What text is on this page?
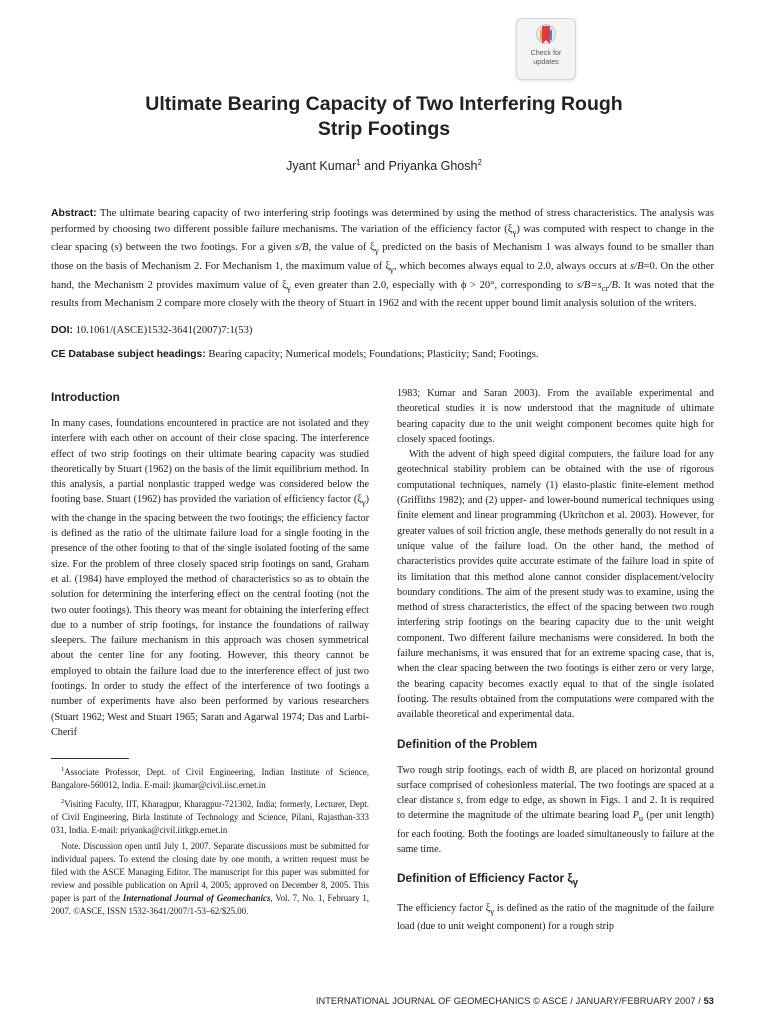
Check for
updates
Ultimate Bearing Capacity of Two Interfering Rough
Strip Footings
Jyant Kumar$^1$ and Priyanka Ghosh$^2$
Abstract: The ultimate bearing capacity of two interfering strip footings was determined by using the method of stress characteristics. The analysis was performed by choosing two different possible failure mechanisms. The variation of the efficiency factor $(\xi_\gamma)$ was computed with respect to change in the clear spacing (s) between the two footings. For a given s/B, the value of $\xi_\gamma$ predicted on the basis of Mechanism 1 was always found to be smaller than those on the basis of Mechanism 2. For Mechanism 1, the maximum value of $\xi_\gamma$, which becomes always equal to 2.0, always occurs at s/B=0. On the other hand, the Mechanism 2 provides maximum value of $\xi_\gamma$ even greater than 2.0, especially with ϕ > 20°, corresponding to $s/B=s_{cr}/B$. It was noted that the results from Mechanism 2 compare more closely with the theory of Stuart in 1962 and with the recent upper bound limit analysis solution of the writers.
DOI: 10.1061/(ASCE)1532-3641(2007)7:1(53)
CE Database subject headings: Bearing capacity; Numerical models; Foundations; Plasticity; Sand; Footings.
Introduction

In many cases, foundations encountered in practice are not isolated and they interfere with each other on account of their close spacing. The interference effect of two strip footings on their ultimate bearing capacity was studied theoretically by Stuart (1962) on the basis of the limit equilibrium method. In this analysis, a partial nonplastic trapped wedge was considered below the footing base. Stuart (1962) has provided the variation of efficiency factor $(\xi_\gamma)$ with the change in the spacing between the two footings; the efficiency factor is defined as the ratio of the ultimate failure load for a single footing in the presence of the other footing to that of the single isolated footing of the same size. For the problem of three closely spaced strip footings on sand, Graham et al. (1984) have employed the method of characteristics so as to obtain the solution for determining the interfering effect on the central footing (not the two outer footings). This theory was meant for obtaining the interfering effect due to a number of strip footings, for instance the foundations of railway sleepers. The failure mechanism in this approach was chosen symmetrical about the center line for any footing. However, this theory cannot be employed to obtain the failure load due to the interference effect of just two footings. In order to study the effect of the interference of two footings a number of experiments have also been performed by various researchers (Stuart 1962; West and Stuart 1965; Saran and Agarwal 1974; Das and Larbi-Cherif

$^1$Associate Professor, Dept. of Civil Engineering, Indian Institute of Science, Bangalore-560012, India. E-mail: jkumar@civil.iisc.ernet.in

$^2$Visiting Faculty, IIT, Kharagpur, Kharagpur-721302, India; formerly, Lecturer, Dept. of Civil Engineering, Birla Institute of Technology and Science, Pilani, Rajasthan-333 031, India. E-mail: priyanka@civil.iitkgp.ernet.in

Note. Discussion open until July 1, 2007. Separate discussions must be submitted for individual papers. To extend the closing date by one month, a written request must be filed with the ASCE Managing Editor. The manuscript for this paper was submitted for review and possible publication on April 4, 2005; approved on December 8, 2005. This paper is part of the International Journal of Geomechanics, Vol. 7, No. 1, February 1, 2007. ©ASCE, ISSN 1532-3641/2007/1-53–62/$25.00.

1983; Kumar and Saran 2003). From the available experimental and theoretical studies it is now understood that the magnitude of ultimate bearing capacity due to the unit weight component becomes quite high for closely spaced footings.

With the advent of high speed digital computers, the failure load for any geotechnical stability problem can be obtained with the use of rigorous computational techniques, namely (1) elasto-plastic finite-element method (Griffiths 1982); and (2) upper- and lower-bound numerical techniques using finite element and linear programming (Ukritchon et al. 2003). However, for greater values of soil friction angle, these methods generally do not result in a unique value of the failure load. On the other hand, the method of characteristics provides quite accurate estimate of the failure load in spite of its limitation that this method alone cannot consider displacement/velocity boundary conditions. The aim of the present study was to examine, using the method of stress characteristics, the effect of the spacing between two rough interfering strip footings on the bearing capacity due to the unit weight component. Two different failure mechanisms were considered. In both the failure mechanisms, it was ensured that for an extreme spacing case, that is, when the clear spacing between the two footings is either zero or very large, the bearing capacity becomes exactly equal to that of the single isolated footing. The results obtained from the computations were compared with the available theoretical and experimental data.

Definition of the Problem

Two rough strip footings, each of width B, are placed on horizontal ground surface comprised of cohesionless material. The two footings are spaced at a clear distance s, from edge to edge, as shown in Figs. 1 and 2. It is required to determine the magnitude of the ultimate bearing load $P_u$ (per unit length) for each footing. Both the footings are loaded simultaneously to failure at the same time.

Definition of Efficiency Factor $\xi_\gamma$

The efficiency factor $\xi_\gamma$ is defined as the ratio of the magnitude of the failure load (due to unit weight component) for a rough strip

INTERNATIONAL JOURNAL OF GEOMECHANICS © ASCE / JANUARY/FEBRUARY 2007 / 53
